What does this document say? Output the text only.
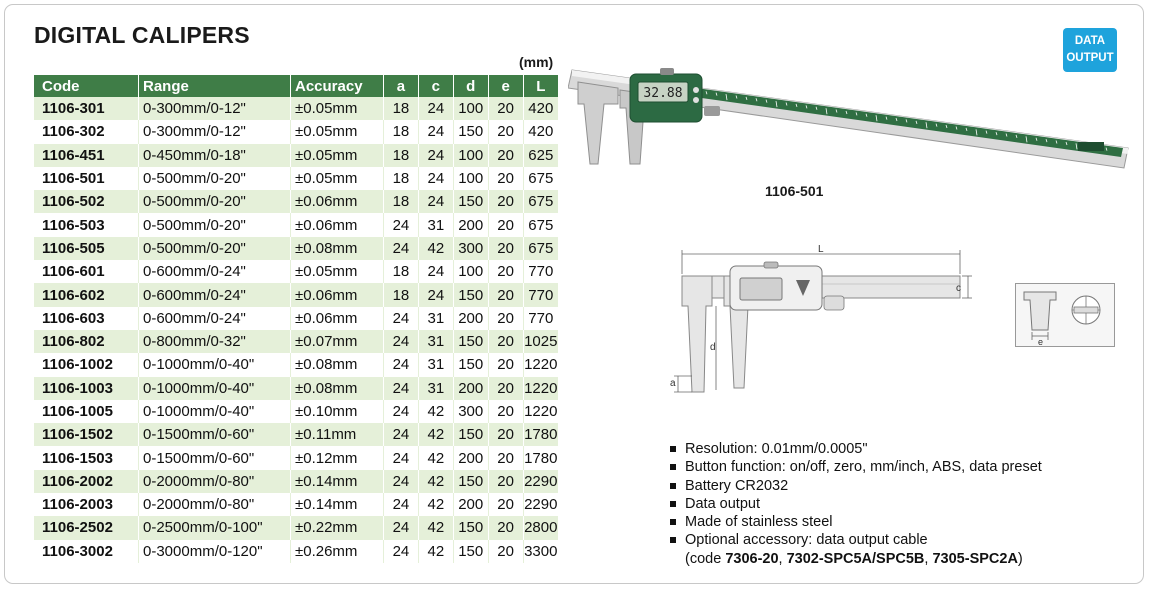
DIGITAL CALIPERS
(mm)
Code	Range	Accuracy	a	c	d	e	L
1106-301	0-300mm/0-12"	±0.05mm	18	24	100	20	420
1106-302	0-300mm/0-12"	±0.05mm	18	24	150	20	420
1106-451	0-450mm/0-18"	±0.05mm	18	24	100	20	625
1106-501	0-500mm/0-20"	±0.05mm	18	24	100	20	675
1106-502	0-500mm/0-20"	±0.06mm	18	24	150	20	675
1106-503	0-500mm/0-20"	±0.06mm	24	31	200	20	675
1106-505	0-500mm/0-20"	±0.08mm	24	42	300	20	675
1106-601	0-600mm/0-24"	±0.05mm	18	24	100	20	770
1106-602	0-600mm/0-24"	±0.06mm	18	24	150	20	770
1106-603	0-600mm/0-24"	±0.06mm	24	31	200	20	770
1106-802	0-800mm/0-32"	±0.07mm	24	31	150	20	1025
1106-1002	0-1000mm/0-40"	±0.08mm	24	31	150	20	1220
1106-1003	0-1000mm/0-40"	±0.08mm	24	31	200	20	1220
1106-1005	0-1000mm/0-40"	±0.10mm	24	42	300	20	1220
1106-1502	0-1500mm/0-60"	±0.11mm	24	42	150	20	1780
1106-1503	0-1500mm/0-60"	±0.12mm	24	42	200	20	1780
1106-2002	0-2000mm/0-80"	±0.14mm	24	42	150	20	2290
1106-2003	0-2000mm/0-80"	±0.14mm	24	42	200	20	2290
1106-2502	0-2500mm/0-100"	±0.22mm	24	42	150	20	2800
1106-3002	0-3000mm/0-120"	±0.26mm	24	42	150	20	3300
DATA
OUTPUT
32.88
1106-501
L
c
d
a
e
Resolution: 0.01mm/0.0005"
Button function: on/off, zero, mm/inch, ABS, data preset
Battery CR2032
Data output
Made of stainless steel
Optional accessory: data output cable
(code 7306-20, 7302-SPC5A/SPC5B, 7305-SPC2A)
